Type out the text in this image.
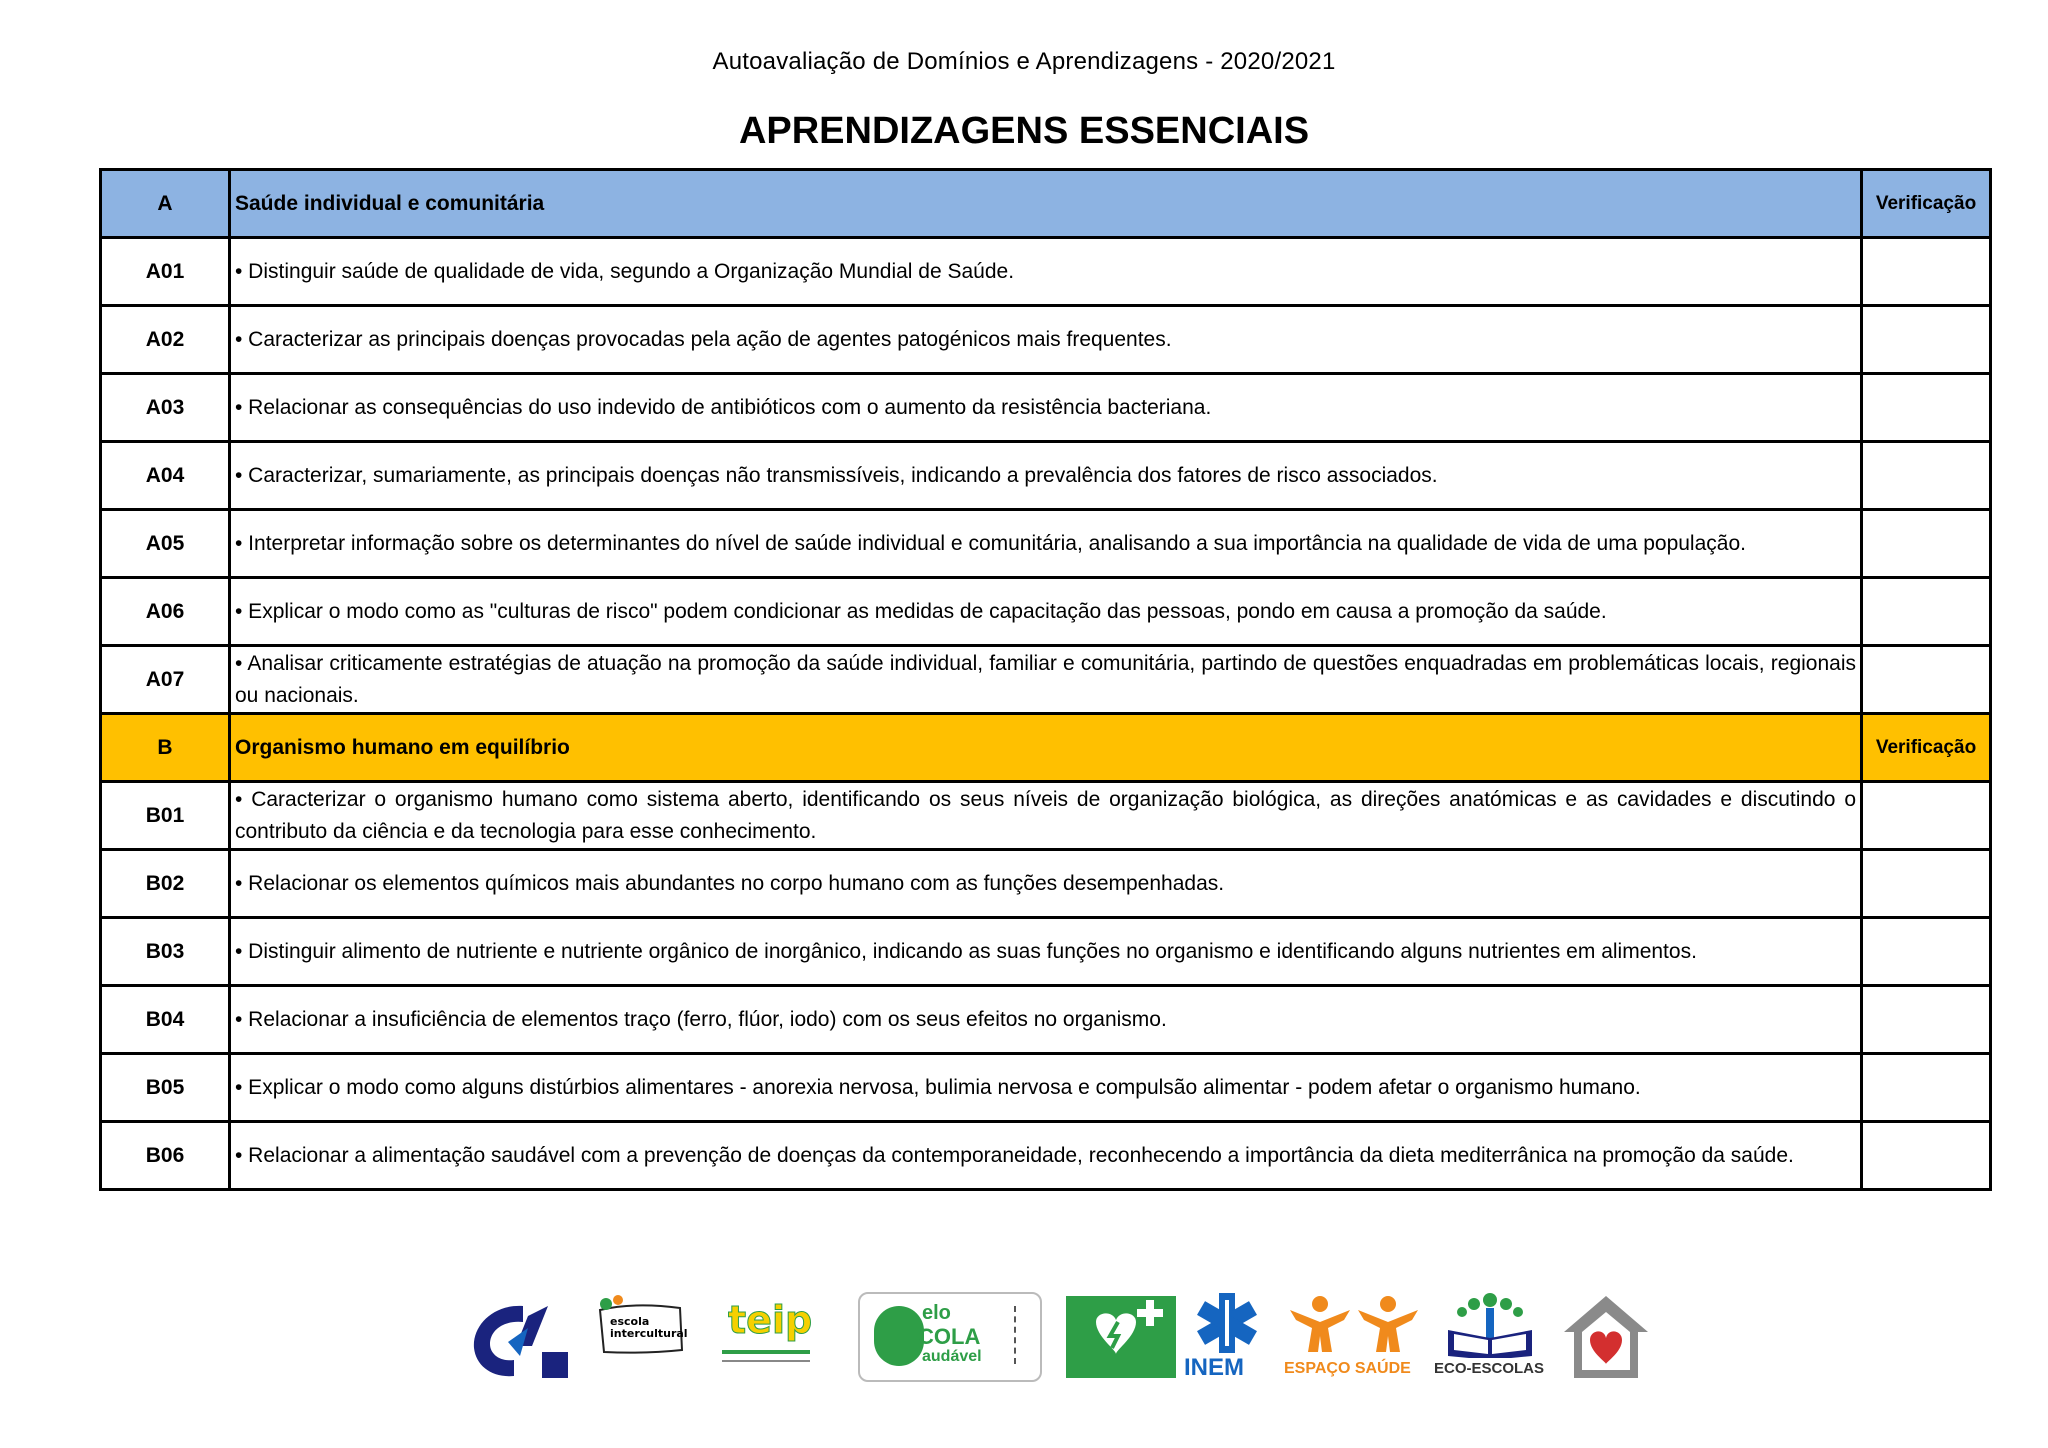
Autoavaliação de Domínios e Aprendizagens - 2020/2021
APRENDIZAGENS ESSENCIAIS
A	Saúde individual e comunitária	Verificação
A01	• Distinguir saúde de qualidade de vida, segundo a Organização Mundial de Saúde.	
A02	• Caracterizar as principais doenças provocadas pela ação de agentes patogénicos mais frequentes.	
A03	• Relacionar as consequências do uso indevido de antibióticos com o aumento da resistência bacteriana.	
A04	• Caracterizar, sumariamente, as principais doenças não transmissíveis, indicando a prevalência dos fatores de risco associados.	
A05	• Interpretar informação sobre os determinantes do nível de saúde individual e comunitária, analisando a sua importância na qualidade de vida de uma população.	
A06	• Explicar o modo como as "culturas de risco" podem condicionar as medidas de capacitação das pessoas, pondo em causa a promoção da saúde.	
A07	• Analisar criticamente estratégias de atuação na promoção da saúde individual, familiar e comunitária, partindo de questões enquadradas em problemáticas locais, regionais ou nacionais.	
B	Organismo humano em equilíbrio	Verificação
B01	• Caracterizar o organismo humano como sistema aberto, identificando os seus níveis de organização biológica, as direções anatómicas e as cavidades e discutindo o contributo da ciência e da tecnologia para esse conhecimento.	
B02	• Relacionar os elementos químicos mais abundantes no corpo humano com as funções desempenhadas.	
B03	• Distinguir alimento de nutriente e nutriente orgânico de inorgânico, indicando as suas funções no organismo e identificando alguns nutrientes em alimentos.	
B04	• Relacionar a insuficiência de elementos traço (ferro, flúor, iodo) com os seus efeitos no organismo.	
B05	• Explicar o modo como alguns distúrbios alimentares - anorexia nervosa, bulimia nervosa e compulsão alimentar - podem afetar o organismo humano.	
B06	• Relacionar a alimentação saudável com a prevenção de doenças da contemporaneidade, reconhecendo a importância da dieta mediterrânica na promoção da saúde.	
escola intercultural teip	elo
COLA
audável	INEM	ESPAÇO SAÚDE ECO-ESCOLAS
